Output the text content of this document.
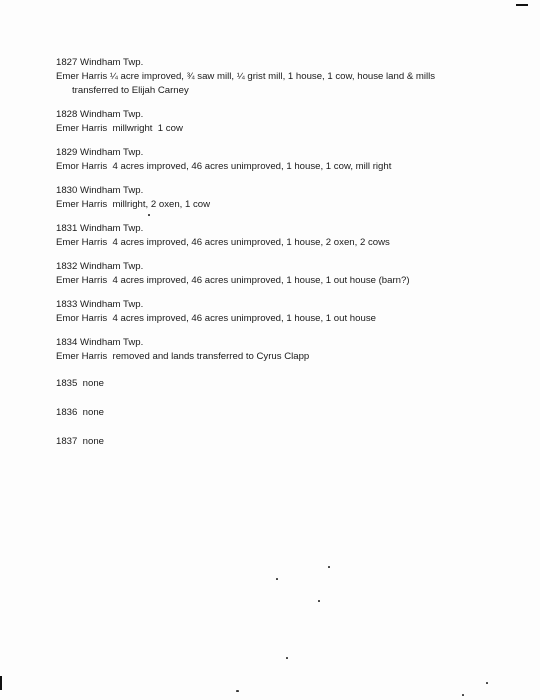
1827 Windham Twp.
Emer Harris ¼ acre improved, ¾ saw mill, ¼ grist mill, 1 house, 1 cow, house land & mills
transferred to Elijah Carney
1828 Windham Twp.
Emer Harris  millwright  1 cow
1829 Windham Twp.
Emor Harris  4 acres improved, 46 acres unimproved, 1 house, 1 cow, mill right
1830 Windham Twp.
Emer Harris  millright, 2 oxen, 1 cow
1831 Windham Twp.
Emer Harris  4 acres improved, 46 acres unimproved, 1 house, 2 oxen, 2 cows
1832 Windham Twp.
Emer Harris  4 acres improved, 46 acres unimproved, 1 house, 1 out house (barn?)
1833 Windham Twp.
Emor Harris  4 acres improved, 46 acres unimproved, 1 house, 1 out house
1834 Windham Twp.
Emer Harris  removed and lands transferred to Cyrus Clapp
1835  none
1836  none
1837  none
